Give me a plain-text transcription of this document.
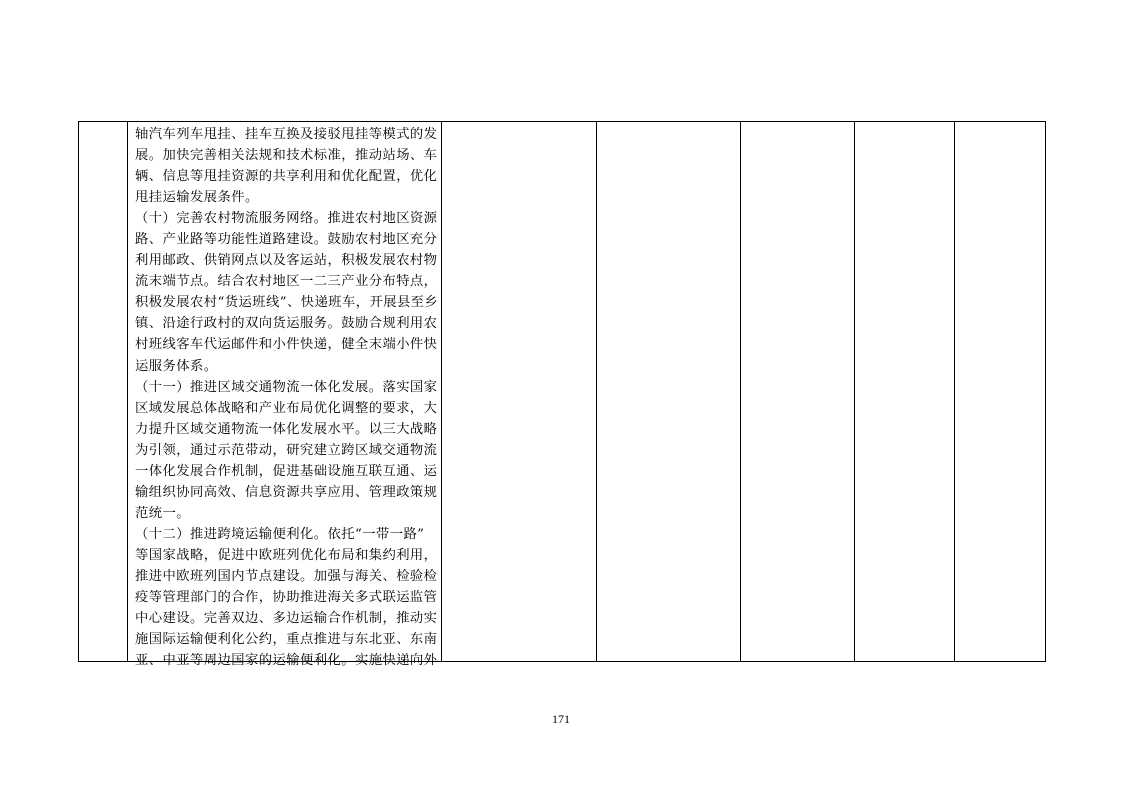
轴汽车列车甩挂、挂车互换及接驳甩挂等模式的发
展。加快完善相关法规和技术标准，推动站场、车
辆、信息等甩挂资源的共享利用和优化配置，优化
甩挂运输发展条件。
（十）完善农村物流服务网络。推进农村地区资源
路、产业路等功能性道路建设。鼓励农村地区充分
利用邮政、供销网点以及客运站，积极发展农村物
流末端节点。结合农村地区一二三产业分布特点，
积极发展农村“货运班线”、快递班车，开展县至乡
镇、沿途行政村的双向货运服务。鼓励合规利用农
村班线客车代运邮件和小件快递，健全末端小件快
运服务体系。
（十一）推进区域交通物流一体化发展。落实国家
区域发展总体战略和产业布局优化调整的要求，大
力提升区域交通物流一体化发展水平。以三大战略
为引领，通过示范带动，研究建立跨区域交通物流
一体化发展合作机制，促进基础设施互联互通、运
输组织协同高效、信息资源共享应用、管理政策规
范统一。
（十二）推进跨境运输便利化。依托“一带一路”
等国家战略，促进中欧班列优化布局和集约利用，
推进中欧班列国内节点建设。加强与海关、检验检
疫等管理部门的合作，协助推进海关多式联运监管
中心建设。完善双边、多边运输合作机制，推动实
施国际运输便利化公约，重点推进与东北亚、东南
亚、中亚等周边国家的运输便利化。实施快递向外
171
